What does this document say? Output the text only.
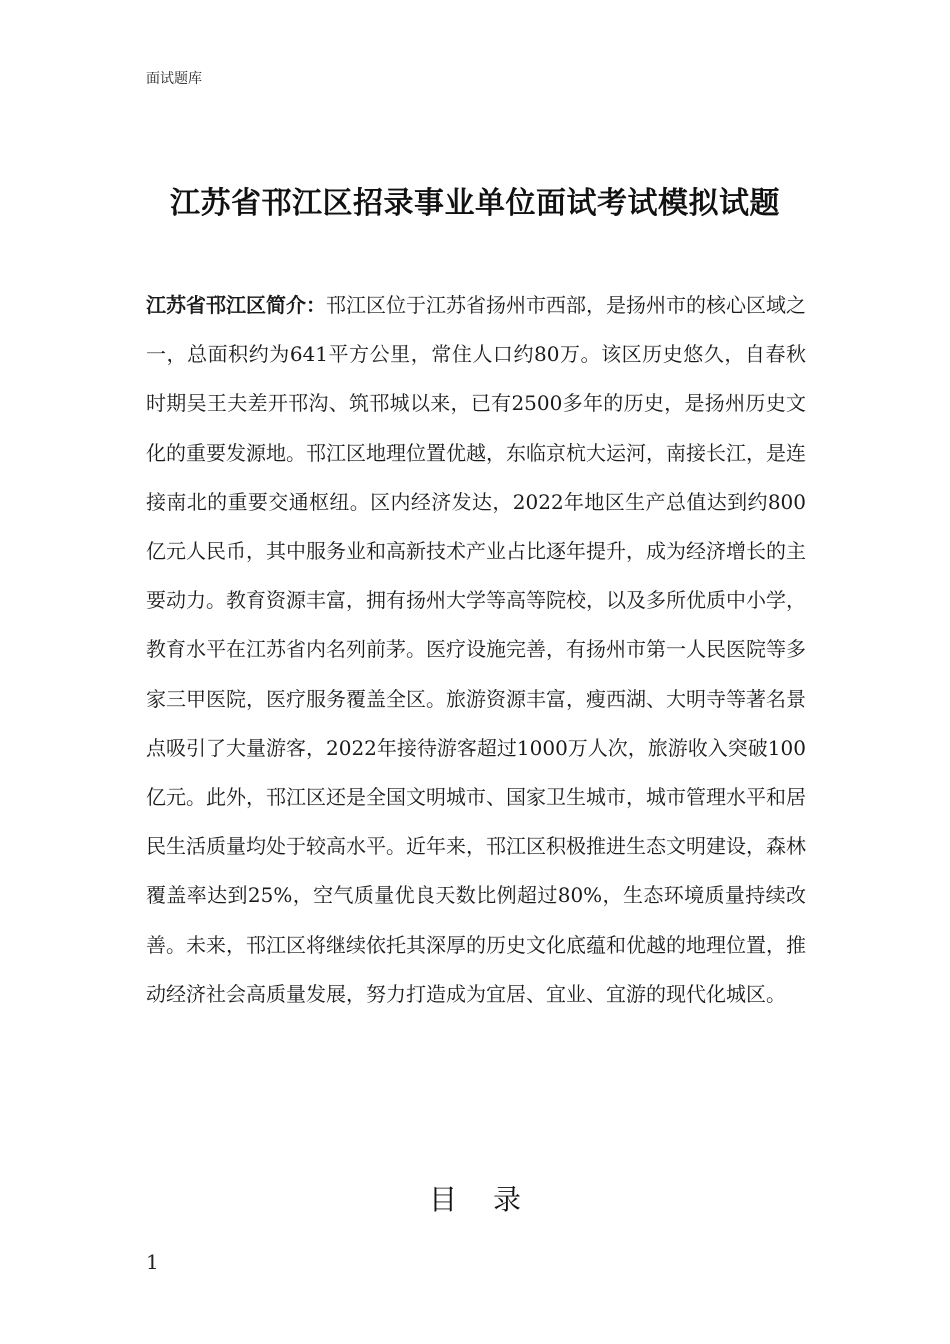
面试题库
江苏省邗江区招录事业单位面试考试模拟试题
江苏省邗江区简介：邗江区位于江苏省扬州市西部，是扬州市的核心区域之一，总面积约为641平方公里，常住人口约80万。该区历史悠久，自春秋时期吴王夫差开邗沟、筑邗城以来，已有2500多年的历史，是扬州历史文化的重要发源地。邗江区地理位置优越，东临京杭大运河，南接长江，是连接南北的重要交通枢纽。区内经济发达，2022年地区生产总值达到约800亿元人民币，其中服务业和高新技术产业占比逐年提升，成为经济增长的主要动力。教育资源丰富，拥有扬州大学等高等院校，以及多所优质中小学，教育水平在江苏省内名列前茅。医疗设施完善，有扬州市第一人民医院等多家三甲医院，医疗服务覆盖全区。旅游资源丰富，瘦西湖、大明寺等著名景点吸引了大量游客，2022年接待游客超过1000万人次，旅游收入突破100亿元。此外，邗江区还是全国文明城市、国家卫生城市，城市管理水平和居民生活质量均处于较高水平。近年来，邗江区积极推进生态文明建设，森林覆盖率达到25%，空气质量优良天数比例超过80%，生态环境质量持续改善。未来，邗江区将继续依托其深厚的历史文化底蕴和优越的地理位置，推动经济社会高质量发展，努力打造成为宜居、宜业、宜游的现代化城区。
目录
1
